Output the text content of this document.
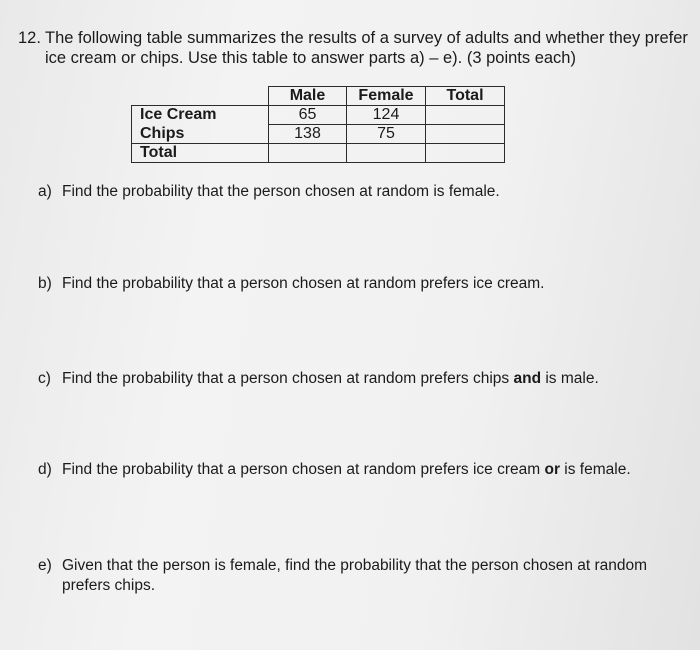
12. The following table summarizes the results of a survey of adults and whether they prefer ice cream or chips. Use this table to answer parts a) – e). (3 points each)
	Male	Female	Total
Ice Cream	65	124	
Chips	138	75	
Total			
a) Find the probability that the person chosen at random is female.
b) Find the probability that a person chosen at random prefers ice cream.
c) Find the probability that a person chosen at random prefers chips and is male.
d) Find the probability that a person chosen at random prefers ice cream or is female.
e) Given that the person is female, find the probability that the person chosen at random prefers chips.
